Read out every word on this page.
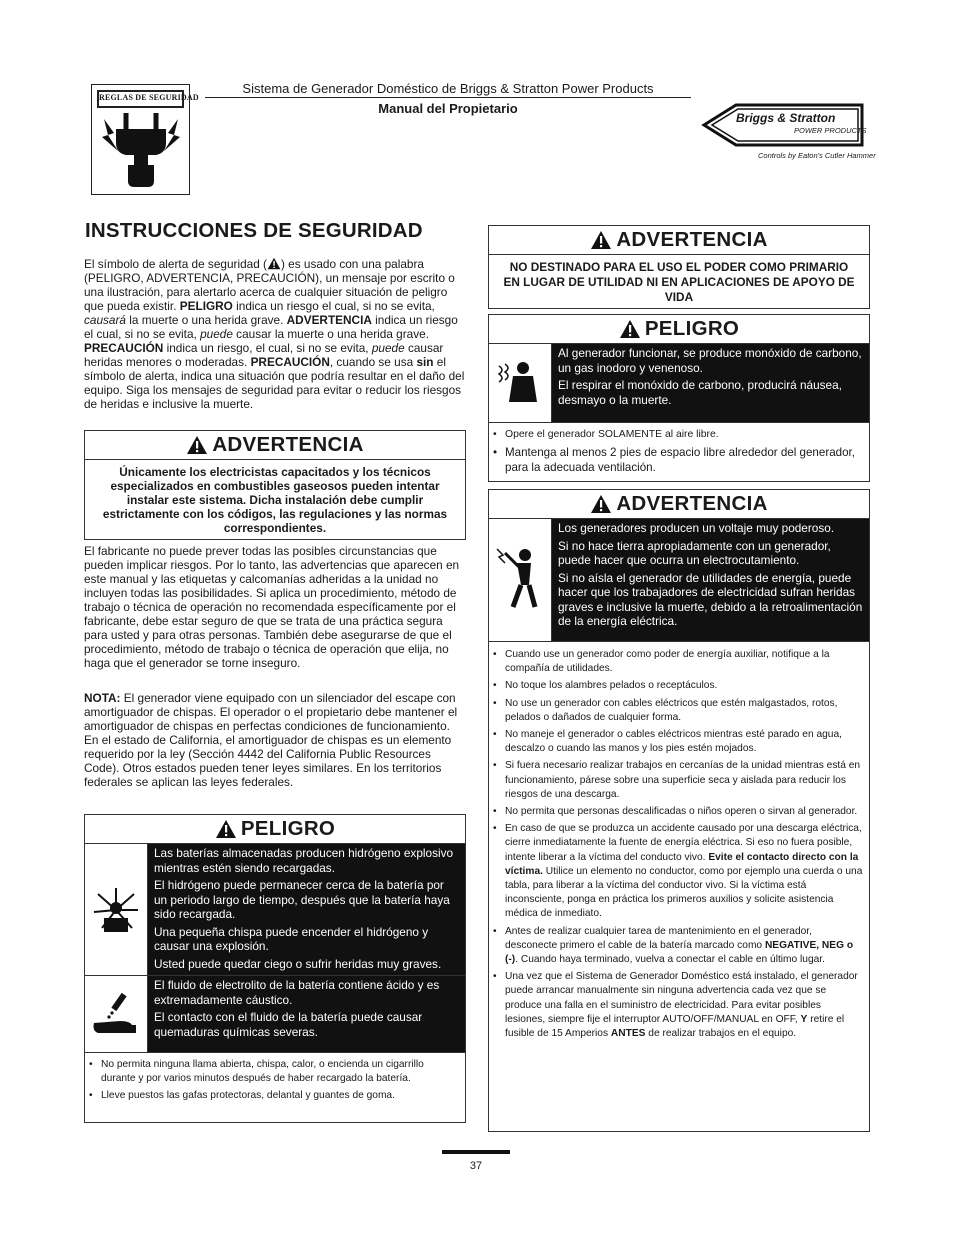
REGLAS DE SEGURIDAD
Sistema de Generador Doméstico de Briggs & Stratton Power Products
Manual del Propietario
Briggs & Stratton
POWER PRODUCTS
Controls by Eaton's Cutler Hammer
INSTRUCCIONES DE SEGURIDAD
El símbolo de alerta de seguridad ( ) es usado con una palabra (PELIGRO, ADVERTENCIA, PRECAUCIÓN), un mensaje por escrito o una ilustración, para alertarlo acerca de cualquier situación de peligro que pueda existir. PELIGRO indica un riesgo el cual, si no se evita, causará la muerte o una herida grave. ADVERTENCIA indica un riesgo el cual, si no se evita, puede causar la muerte o una herida grave. PRECAUCIÓN indica un riesgo, el cual, si no se evita, puede causar heridas menores o moderadas. PRECAUCIÓN, cuando se usa sin el símbolo de alerta, indica una situación que podría resultar en el daño del equipo. Siga los mensajes de seguridad para evitar o reducir los riesgos de heridas e inclusive la muerte.
ADVERTENCIA
Únicamente los electricistas capacitados y los técnicos especializados en combustibles gaseosos pueden intentar instalar este sistema. Dicha instalación debe cumplir estrictamente con los códigos, las regulaciones y las normas correspondientes.
El fabricante no puede prever todas las posibles circunstancias que pueden implicar riesgos. Por lo tanto, las advertencias que aparecen en este manual y las etiquetas y calcomanías adheridas a la unidad no incluyen todas las posibilidades. Si aplica un procedimiento, método de trabajo o técnica de operación no recomendada específicamente por el fabricante, debe estar seguro de que se trata de una práctica segura para usted y para otras personas. También debe asegurarse de que el procedimiento, método de trabajo o técnica de operación que elija, no haga que el generador se torne inseguro.
NOTA: El generador viene equipado con un silenciador del escape con amortiguador de chispas. El operador o el propietario debe mantener el amortiguador de chispas en perfectas condiciones de funcionamiento. En el estado de California, el amortiguador de chispas es un elemento requerido por la ley (Sección 4442 del California Public Resources Code). Otros estados pueden tener leyes similares. En los territorios federales se aplican las leyes federales.
PELIGRO

Las baterías almacenadas producen hidrógeno explosivo mientras estén siendo recargadas.

El hidrógeno puede permanecer cerca de la batería por un periodo largo de tiempo, después que la batería haya sido recargada.

Una pequeña chispa puede encender el hidrógeno y causar una explosión.

Usted puede quedar ciego o sufrir heridas muy graves.

El fluido de electrolito de la batería contiene ácido y es extremadamente cáustico.

El contacto con el fluido de la batería puede causar quemaduras químicas severas.

• No permita ninguna llama abierta, chispa, calor, o encienda un cigarrillo durante y por varios minutos después de haber recargado la batería.
• Lleve puestos las gafas protectoras, delantal y guantes de goma.
ADVERTENCIA
NO DESTINADO PARA EL USO EL PODER COMO PRIMARIO EN LUGAR DE UTILIDAD NI EN APLICACIONES DE APOYO DE VIDA
PELIGRO

Al generador funcionar, se produce monóxido de carbono, un gas inodoro y venenoso.

El respirar el monóxido de carbono, producirá náusea, desmayo o la muerte.

• Opere el generador SOLAMENTE al aire libre.
• Mantenga al menos 2 pies de espacio libre alrededor del generador, para la adecuada ventilación.
ADVERTENCIA

Los generadores producen un voltaje muy poderoso.

Si no hace tierra apropiadamente con un generador, puede hacer que ocurra un electrocutamiento.

Si no aísla el generador de utilidades de energía, puede hacer que los trabajadores de electricidad sufran heridas graves e inclusive la muerte, debido a la retroalimentación de la energía eléctrica.

• Cuando use un generador como poder de energía auxiliar, notifique a la compañía de utilidades.
• No toque los alambres pelados o receptáculos.
• No use un generador con cables eléctricos que estén malgastados, rotos, pelados o dañados de cualquier forma.
• No maneje el generador o cables eléctricos mientras esté parado en agua, descalzo o cuando las manos y los pies estén mojados.
• Si fuera necesario realizar trabajos en cercanías de la unidad mientras está en funcionamiento, párese sobre una superficie seca y aislada para reducir los riesgos de una descarga.
• No permita que personas descalificadas o niños operen o sirvan al generador.
• En caso de que se produzca un accidente causado por una descarga eléctrica, cierre inmediatamente la fuente de energía eléctrica. Si eso no fuera posible, intente liberar a la víctima del conducto vivo. Evite el contacto directo con la víctima. Utilice un elemento no conductor, como por ejemplo una cuerda o una tabla, para liberar a la víctima del conductor vivo. Si la víctima está inconsciente, ponga en práctica los primeros auxilios y solicite asistencia médica de inmediato.
• Antes de realizar cualquier tarea de mantenimiento en el generador, desconecte primero el cable de la batería marcado como NEGATIVE, NEG o (-). Cuando haya terminado, vuelva a conectar el cable en último lugar.
• Una vez que el Sistema de Generador Doméstico está instalado, el generador puede arrancar manualmente sin ninguna advertencia cada vez que se produce una falla en el suministro de electricidad. Para evitar posibles lesiones, siempre fije el interruptor AUTO/OFF/MANUAL en OFF, Y retire el fusible de 15 Amperios ANTES de realizar trabajos en el equipo.
37
